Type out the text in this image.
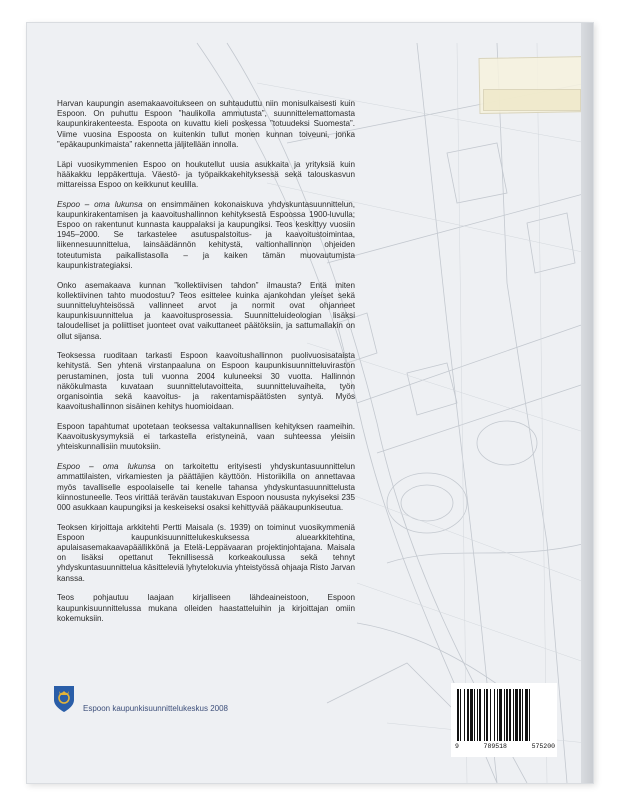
Harvan kaupungin asemakaavoitukseen on suhtauduttu niin monisulkaisesti kuin Espoon. On puhuttu Espoon ”haulikolla ammutusta”, suunnittelemattomasta kaupunkirakenteesta. Espoota on kuvattu kieli poskessa ”totuudeksi Suomesta”. Viime vuosina Espoosta on kuitenkin tullut monen kunnan toiveuni, jonka ”epäkaupunkimaista” rakennetta jäljitellään innolla.

Läpi vuosikymmenien Espoo on houkutellut uusia asukkaita ja yrityksiä kuin hääkakku leppäkerttuja. Väestö- ja työpaikkakehityksessä sekä talouskasvun mittareissa Espoo on keikkunut keulilla.

Espoo – oma lukunsa on ensimmäinen kokonaiskuva yhdyskuntasuunnittelun, kaupunkirakentamisen ja kaavoitushallinnon kehityksestä Espoossa 1900-luvulla; Espoo on rakentunut kunnasta kauppalaksi ja kaupungiksi. Teos keskittyy vuosiin 1945–2000. Se tarkastelee asutuspalstoitus- ja kaavoitustoimintaa, liikennesuunnittelua, lainsäädännön kehitystä, valtionhallinnon ohjeiden toteutumista paikallistasolla – ja kaiken tämän muovautumista kaupunkistrategiaksi.

Onko asemakaava kunnan ”kollektiivisen tahdon” ilmausta? Entä miten kollektiivinen tahto muodostuu? Teos esittelee kuinka ajankohdan yleiset sekä suunnitteluyhteisössä vallinneet arvot ja normit ovat ohjanneet kaupunkisuunnittelua ja kaavoitusprosessia. Suunnitteluideologian lisäksi taloudelliset ja poliittiset juonteet ovat vaikuttaneet päätöksiin, ja sattumallakin on ollut sijansa.

Teoksessa ruoditaan tarkasti Espoon kaavoitushallinnon puolivuosisataista kehitystä. Sen yhtenä virstanpaaluna on Espoon kaupunkisuunnitteluviraston perustaminen, josta tuli vuonna 2004 kuluneeksi 30 vuotta. Hallinnon näkökulmasta kuvataan suunnittelutavoitteita, suunnitteluvaiheita, työn organisointia sekä kaavoitus- ja rakentamispäätösten syntyä. Myös kaavoitushallinnon sisäinen kehitys huomioidaan.

Espoon tapahtumat upotetaan teoksessa valtakunnallisen kehityksen raameihin. Kaavoituskysymyksiä ei tarkastella eristyneinä, vaan suhteessa yleisiin yhteiskunnallisiin muutoksiin.

Espoo – oma lukunsa on tarkoitettu erityisesti yhdyskuntasuunnittelun ammattilaisten, virkamiesten ja päättäjien käyttöön. Historiikilla on annettavaa myös tavalliselle espoolaiselle tai kenelle tahansa yhdyskuntasuunnittelusta kiinnostuneelle. Teos virittää terävän taustakuvan Espoon noususta nykyiseksi 235 000 asukkaan kaupungiksi ja keskeiseksi osaksi kehittyvää pääkaupunkiseutua.

Teoksen kirjoittaja arkkitehti Pertti Maisala (s. 1939) on toiminut vuosikymmeniä Espoon kaupunkisuunnittelukeskuksessa aluearkkitehtina, apulaisasemakaavapäällikkönä ja Etelä-Leppävaaran projektinjohtajana. Maisala on lisäksi opettanut Teknillisessä korkeakoulussa sekä tehnyt yhdyskuntasuunnittelua käsitteleviä lyhytelokuvia yhteistyössä ohjaaja Risto Jarvan kanssa.

Teos pohjautuu laajaan kirjalliseen lähdeaineistoon, Espoon kaupunkisuunnittelussa mukana olleiden haastatteluihin ja kirjoittajan omiin kokemuksiin.

Espoon kaupunkisuunnittelukeskus 2008
9	789518	575200
